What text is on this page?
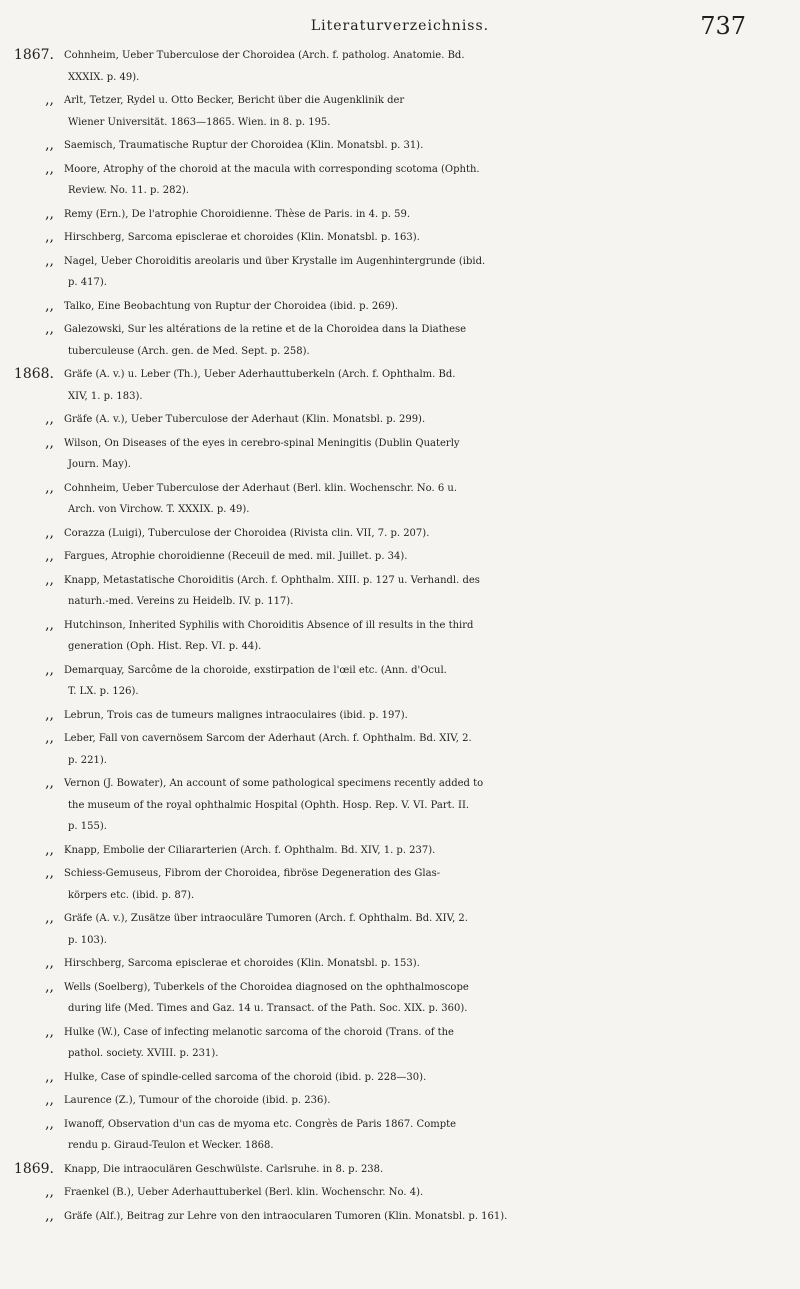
Literaturverzeichniss.	737
1867. Cohnheim, Ueber Tuberculose der Choroidea (Arch. f. patholog. Anatomie. Bd.
XXXIX. p. 49).
,, Arlt, Tetzer, Rydel u. Otto Becker, Bericht über die Augenklinik der
Wiener Universität. 1863—1865. Wien. in 8. p. 195.
,, Saemisch, Traumatische Ruptur der Choroidea (Klin. Monatsbl. p. 31).
,, Moore, Atrophy of the choroid at the macula with corresponding scotoma (Ophth.
Review. No. 11. p. 282).
,, Remy (Ern.), De l'atrophie Choroidienne. Thèse de Paris. in 4. p. 59.
,, Hirschberg, Sarcoma episclerae et choroides (Klin. Monatsbl. p. 163).
,, Nagel, Ueber Choroiditis areolaris und über Krystalle im Augenhintergrunde (ibid.
p. 417).
,, Talko, Eine Beobachtung von Ruptur der Choroidea (ibid. p. 269).
,, Galezowski, Sur les altérations de la retine et de la Choroidea dans la Diathese
tuberculeuse (Arch. gen. de Med. Sept. p. 258).
1868. Gräfe (A. v.) u. Leber (Th.), Ueber Aderhauttuberkeln (Arch. f. Ophthalm. Bd.
XIV, 1. p. 183).
,, Gräfe (A. v.), Ueber Tuberculose der Aderhaut (Klin. Monatsbl. p. 299).
,, Wilson, On Diseases of the eyes in cerebro-spinal Meningitis (Dublin Quaterly
Journ. May).
,, Cohnheim, Ueber Tuberculose der Aderhaut (Berl. klin. Wochenschr. No. 6 u.
Arch. von Virchow. T. XXXIX. p. 49).
,, Corazza (Luigi), Tuberculose der Choroidea (Rivista clin. VII, 7. p. 207).
,, Fargues, Atrophie choroidienne (Receuil de med. mil. Juillet. p. 34).
,, Knapp, Metastatische Choroiditis (Arch. f. Ophthalm. XIII. p. 127 u. Verhandl. des
naturh.-med. Vereins zu Heidelb. IV. p. 117).
,, Hutchinson, Inherited Syphilis with Choroiditis Absence of ill results in the third
generation (Oph. Hist. Rep. VI. p. 44).
,, Demarquay, Sarcôme de la choroide, exstirpation de l'œil etc. (Ann. d'Ocul.
T. LX. p. 126).
,, Lebrun, Trois cas de tumeurs malignes intraoculaires (ibid. p. 197).
,, Leber, Fall von cavernösem Sarcom der Aderhaut (Arch. f. Ophthalm. Bd. XIV, 2.
p. 221).
,, Vernon (J. Bowater), An account of some pathological specimens recently added to
the museum of the royal ophthalmic Hospital (Ophth. Hosp. Rep. V. VI. Part. II.
p. 155).
,, Knapp, Embolie der Ciliararterien (Arch. f. Ophthalm. Bd. XIV, 1. p. 237).
,, Schiess-Gemuseus, Fibrom der Choroidea, fibröse Degeneration des Glas-
körpers etc. (ibid. p. 87).
,, Gräfe (A. v.), Zusätze über intraoculäre Tumoren (Arch. f. Ophthalm. Bd. XIV, 2.
p. 103).
,, Hirschberg, Sarcoma episclerae et choroides (Klin. Monatsbl. p. 153).
,, Wells (Soelberg), Tuberkels of the Choroidea diagnosed on the ophthalmoscope
during life (Med. Times and Gaz. 14 u. Transact. of the Path. Soc. XIX. p. 360).
,, Hulke (W.), Case of infecting melanotic sarcoma of the choroid (Trans. of the
pathol. society. XVIII. p. 231).
,, Hulke, Case of spindle-celled sarcoma of the choroid (ibid. p. 228—30).
,, Laurence (Z.), Tumour of the choroide (ibid. p. 236).
,, Iwanoff, Observation d'un cas de myoma etc. Congrès de Paris 1867. Compte
rendu p. Giraud-Teulon et Wecker. 1868.
1869. Knapp, Die intraoculären Geschwülste. Carlsruhe. in 8. p. 238.
,, Fraenkel (B.), Ueber Aderhauttuberkel (Berl. klin. Wochenschr. No. 4).
,, Gräfe (Alf.), Beitrag zur Lehre von den intraocularen Tumoren (Klin. Monatsbl. p. 161).
